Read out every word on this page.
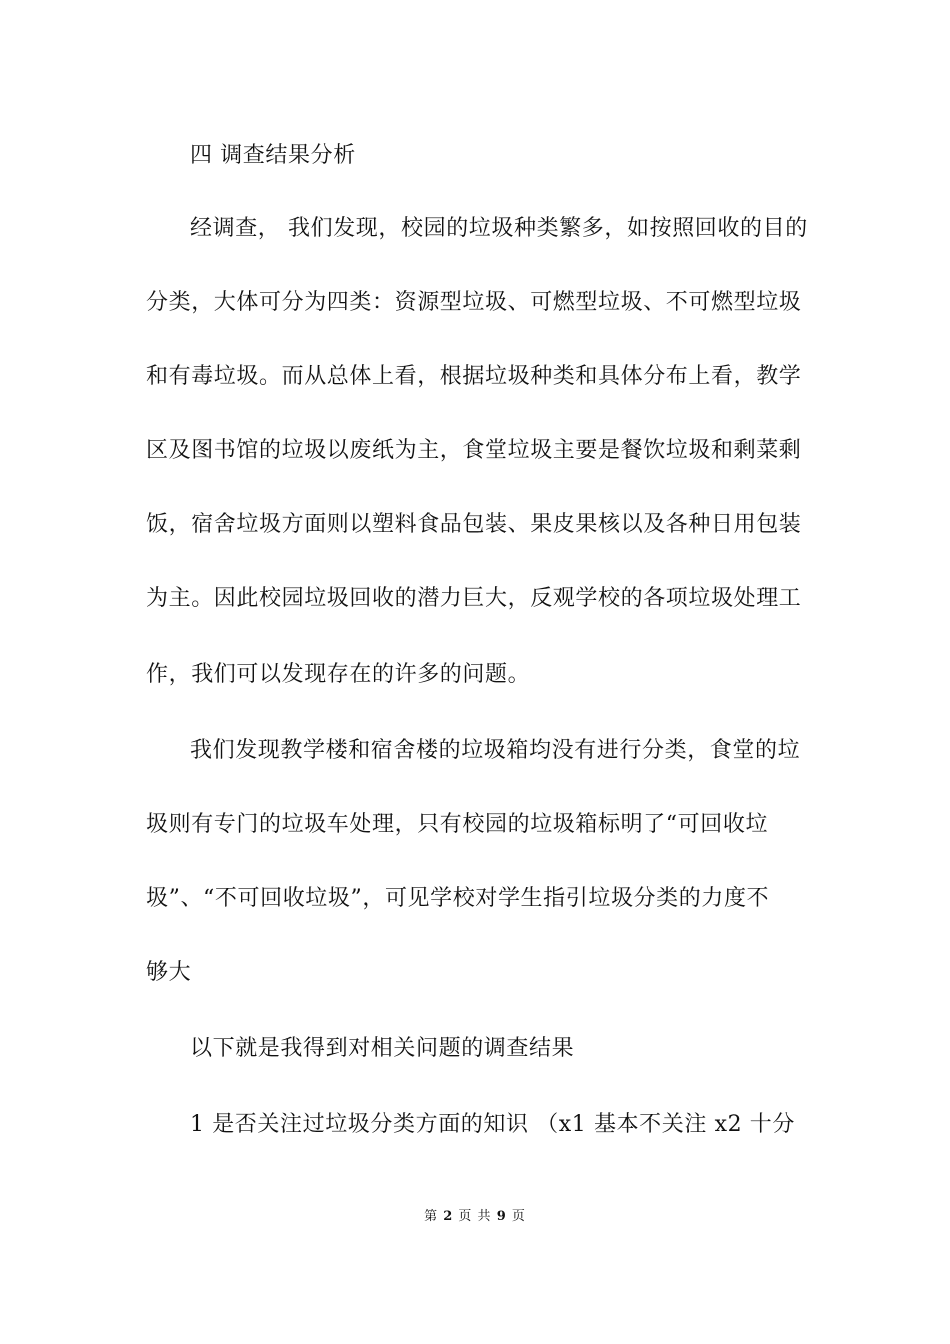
四 调查结果分析
经调查， 我们发现，校园的垃圾种类繁多，如按照回收的目的
分类，大体可分为四类：资源型垃圾、可燃型垃圾、不可燃型垃圾
和有毒垃圾。而从总体上看，根据垃圾种类和具体分布上看，教学
区及图书馆的垃圾以废纸为主，食堂垃圾主要是餐饮垃圾和剩菜剩
饭，宿舍垃圾方面则以塑料食品包装、果皮果核以及各种日用包装
为主。因此校园垃圾回收的潜力巨大，反观学校的各项垃圾处理工
作，我们可以发现存在的许多的问题。
我们发现教学楼和宿舍楼的垃圾箱均没有进行分类，食堂的垃
圾则有专门的垃圾车处理，只有校园的垃圾箱标明了“可回收垃
圾”、“不可回收垃圾”，可见学校对学生指引垃圾分类的力度不
够大
以下就是我得到对相关问题的调查结果
1 是否关注过垃圾分类方面的知识 （x1 基本不关注 x2 十分
第 2 页 共 9 页
